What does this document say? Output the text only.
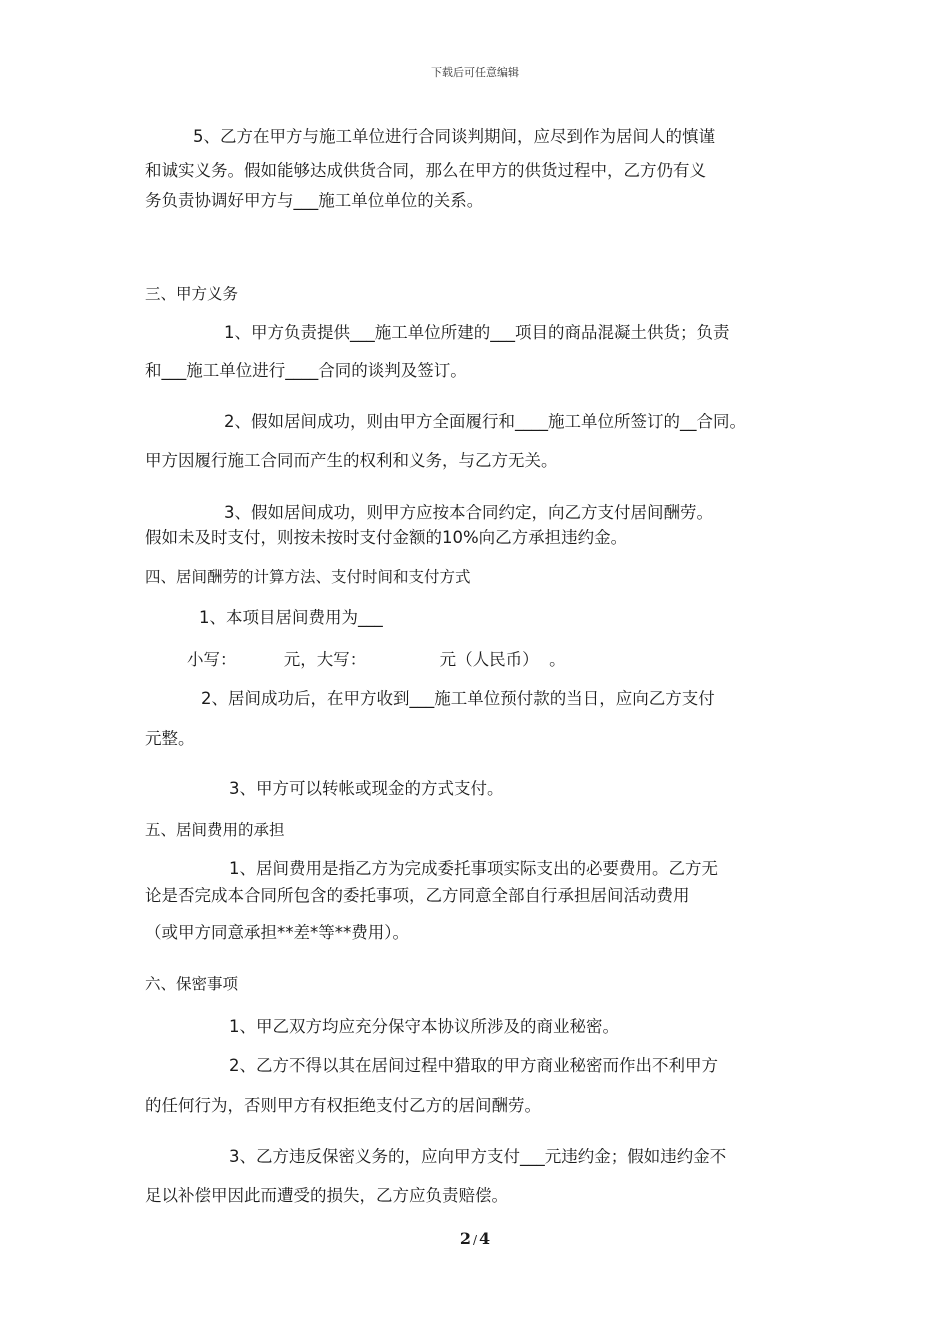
下载后可任意编辑
5、乙方在甲方与施工单位进行合同谈判期间，应尽到作为居间人的慎谨
和诚实义务。假如能够达成供货合同，那么在甲方的供货过程中，乙方仍有义
务负责协调好甲方与___施工单位单位的关系。
三、甲方义务
1、甲方负责提供___施工单位所建的___项目的商品混凝土供货；负责
和___施工单位进行____合同的谈判及签订。
2、假如居间成功，则由甲方全面履行和____施工单位所签订的__合同。
甲方因履行施工合同而产生的权利和义务，与乙方无关。
3、假如居间成功，则甲方应按本合同约定，向乙方支付居间酬劳。
假如未及时支付，则按未按时支付金额的10%向乙方承担违约金。
四、居间酬劳的计算方法、支付时间和支付方式
1、本项目居间费用为___
小写：         元，大写：              元（人民币）  。
2、居间成功后，在甲方收到___施工单位预付款的当日，应向乙方支付
元整。
3、甲方可以转帐或现金的方式支付。
五、居间费用的承担
1、居间费用是指乙方为完成委托事项实际支出的必要费用。乙方无
论是否完成本合同所包含的委托事项，乙方同意全部自行承担居间活动费用
（或甲方同意承担**差*等**费用）。
六、保密事项
1、甲乙双方均应充分保守本协议所涉及的商业秘密。
2、乙方不得以其在居间过程中猎取的甲方商业秘密而作出不利甲方
的任何行为，否则甲方有权拒绝支付乙方的居间酬劳。
3、乙方违反保密义务的，应向甲方支付___元违约金；假如违约金不
足以补偿甲因此而遭受的损失，乙方应负责赔偿。
2 / 4
